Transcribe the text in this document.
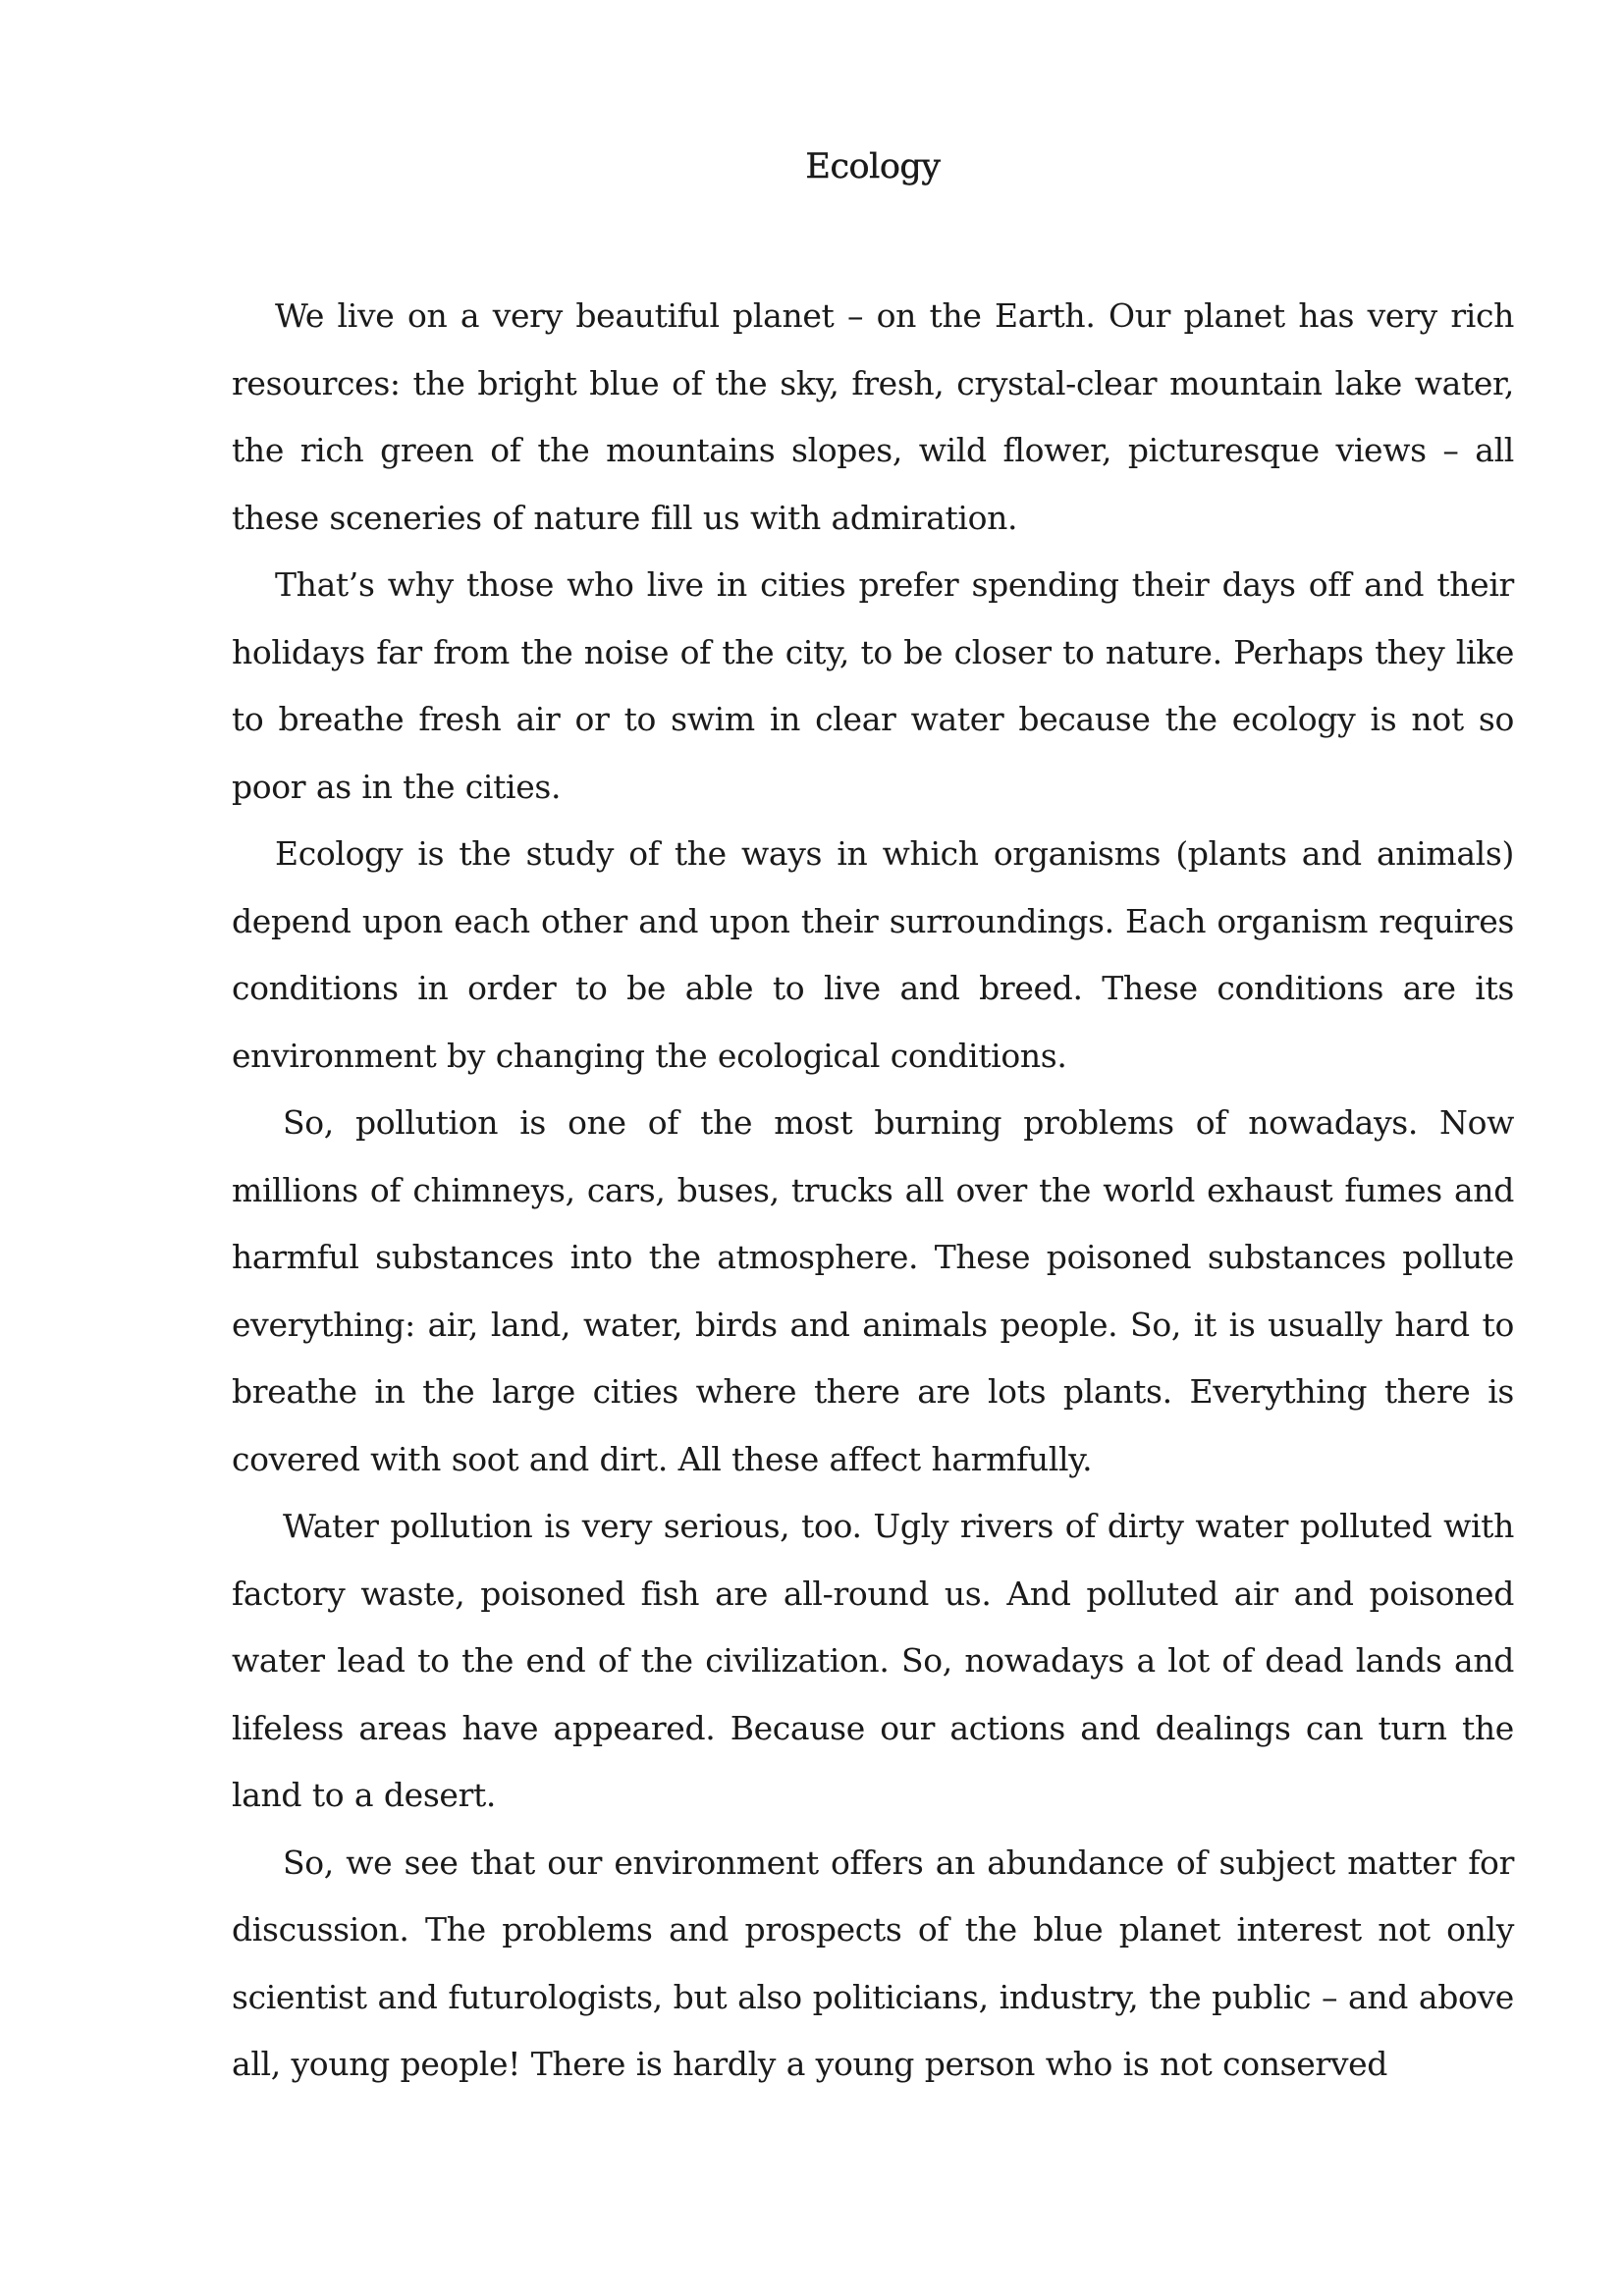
Ecology

We live on a very beautiful planet – on the Earth. Our planet has very rich resources: the bright blue of the sky, fresh, crystal-clear mountain lake water, the rich green of the mountains slopes, wild flower, picturesque views – all these sceneries of nature fill us with admiration.

That’s why those who live in cities prefer spending their days off and their holidays far from the noise of the city, to be closer to nature. Perhaps they like to breathe fresh air or to swim in clear water because the ecology is not so poor as in the cities.

Ecology is the study of the ways in which organisms (plants and animals) depend upon each other and upon their surroundings. Each organism requires conditions in order to be able to live and breed. These conditions are its environment by changing the ecological conditions.

So, pollution is one of the most burning problems of nowadays. Now millions of chimneys, cars, buses, trucks all over the world exhaust fumes and harmful substances into the atmosphere. These poisoned substances pollute everything: air, land, water, birds and animals people. So, it is usually hard to breathe in the large cities where there are lots plants. Everything there is covered with soot and dirt. All these affect harmfully.

Water pollution is very serious, too. Ugly rivers of dirty water polluted with factory waste, poisoned fish are all-round us. And polluted air and poisoned water lead to the end of the civilization. So, nowadays a lot of dead lands and lifeless areas have appeared. Because our actions and dealings can turn the land to a desert.

So, we see that our environment offers an abundance of subject matter for discussion. The problems and prospects of the blue planet interest not only scientist and futurologists, but also politicians, industry, the public – and above all, young people! There is hardly a young person who is not conserved
